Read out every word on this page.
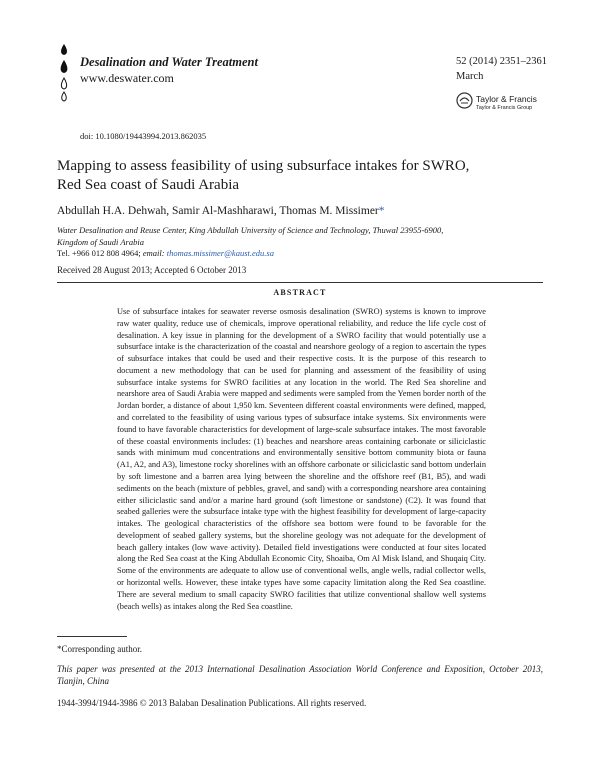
Desalination and Water Treatment
www.deswater.com
52 (2014) 2351–2361
March
Taylor & Francis
Taylor & Francis Group
doi: 10.1080/19443994.2013.862035
Mapping to assess feasibility of using subsurface intakes for SWRO,
Red Sea coast of Saudi Arabia
Abdullah H.A. Dehwah, Samir Al-Mashharawi, Thomas M. Missimer*
Water Desalination and Reuse Center, King Abdullah University of Science and Technology, Thuwal 23955-6900,
Kingdom of Saudi Arabia
Tel. +966 012 808 4964; email: thomas.missimer@kaust.edu.sa
Received 28 August 2013; Accepted 6 October 2013
ABSTRACT
Use of subsurface intakes for seawater reverse osmosis desalination (SWRO) systems is known to improve raw water quality, reduce use of chemicals, improve operational reliability, and reduce the life cycle cost of desalination. A key issue in planning for the development of a SWRO facility that would potentially use a subsurface intake is the characterization of the coastal and nearshore geology of a region to ascertain the types of subsurface intakes that could be used and their respective costs. It is the purpose of this research to document a new methodology that can be used for planning and assessment of the feasibility of using subsurface intake systems for SWRO facilities at any location in the world. The Red Sea shoreline and nearshore area of Saudi Arabia were mapped and sediments were sampled from the Yemen border north of the Jordan border, a distance of about 1,950 km. Seventeen different coastal environments were defined, mapped, and correlated to the feasibility of using various types of subsurface intake systems. Six environments were found to have favorable characteristics for development of large-scale subsurface intakes. The most favorable of these coastal environments includes: (1) beaches and nearshore areas containing carbonate or siliciclastic sands with minimum mud concentrations and environmentally sensitive bottom community biota or fauna (A1, A2, and A3), limestone rocky shorelines with an offshore carbonate or siliciclastic sand bottom underlain by soft limestone and a barren area lying between the shoreline and the offshore reef (B1, B5), and wadi sediments on the beach (mixture of pebbles, gravel, and sand) with a corresponding nearshore area containing either siliciclastic sand and/or a marine hard ground (soft limestone or sandstone) (C2). It was found that seabed galleries were the subsurface intake type with the highest feasibility for development of large-capacity intakes. The geological characteristics of the offshore sea bottom were found to be favorable for the development of seabed gallery systems, but the shoreline geology was not adequate for the development of beach gallery intakes (low wave activity). Detailed field investigations were conducted at four sites located along the Red Sea coast at the King Abdullah Economic City, Shoaiba, Om Al Misk Island, and Shuqaiq City. Some of the environments are adequate to allow use of conventional wells, angle wells, radial collector wells, or horizontal wells. However, these intake types have some capacity limitation along the Red Sea coastline. There are several medium to small capacity SWRO facilities that utilize conventional shallow well systems (beach wells) as intakes along the Red Sea coastline.
*Corresponding author.
This paper was presented at the 2013 International Desalination Association World Conference and Exposition, October 2013, Tianjin, China
1944-3994/1944-3986 © 2013 Balaban Desalination Publications. All rights reserved.
